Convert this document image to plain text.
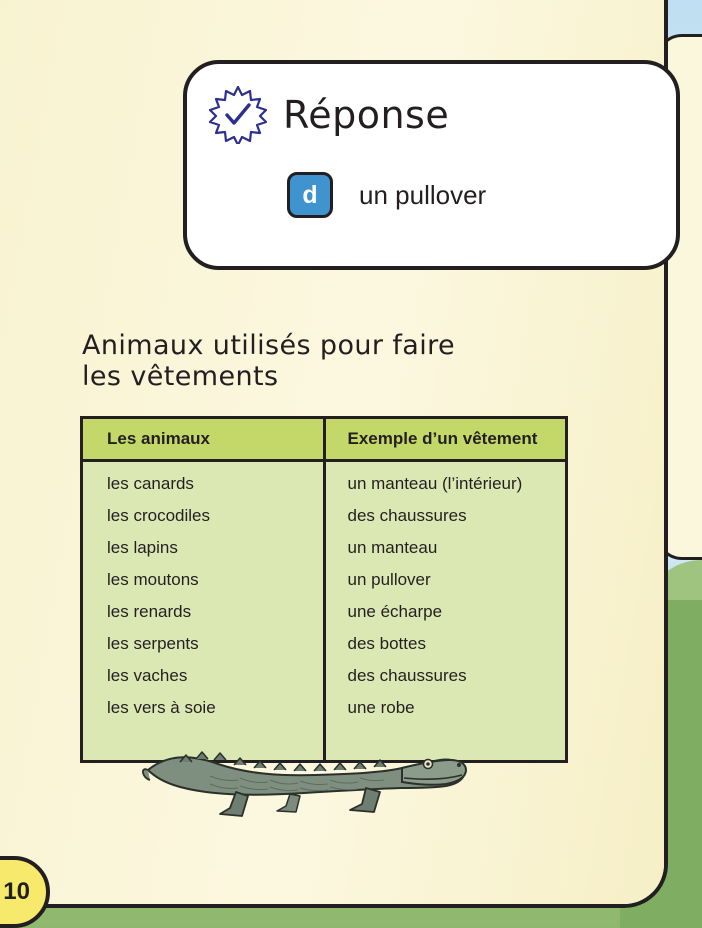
Réponse
d	un pullover
Animaux utilisés pour faire
les vêtements
Les animaux	Exemple d’un vêtement
les canards	un manteau (l’intérieur)
les crocodiles	des chaussures
les lapins	un manteau
les moutons	un pullover
les renards	une écharpe
les serpents	des bottes
les vaches	des chaussures
les vers à soie	une robe

10
